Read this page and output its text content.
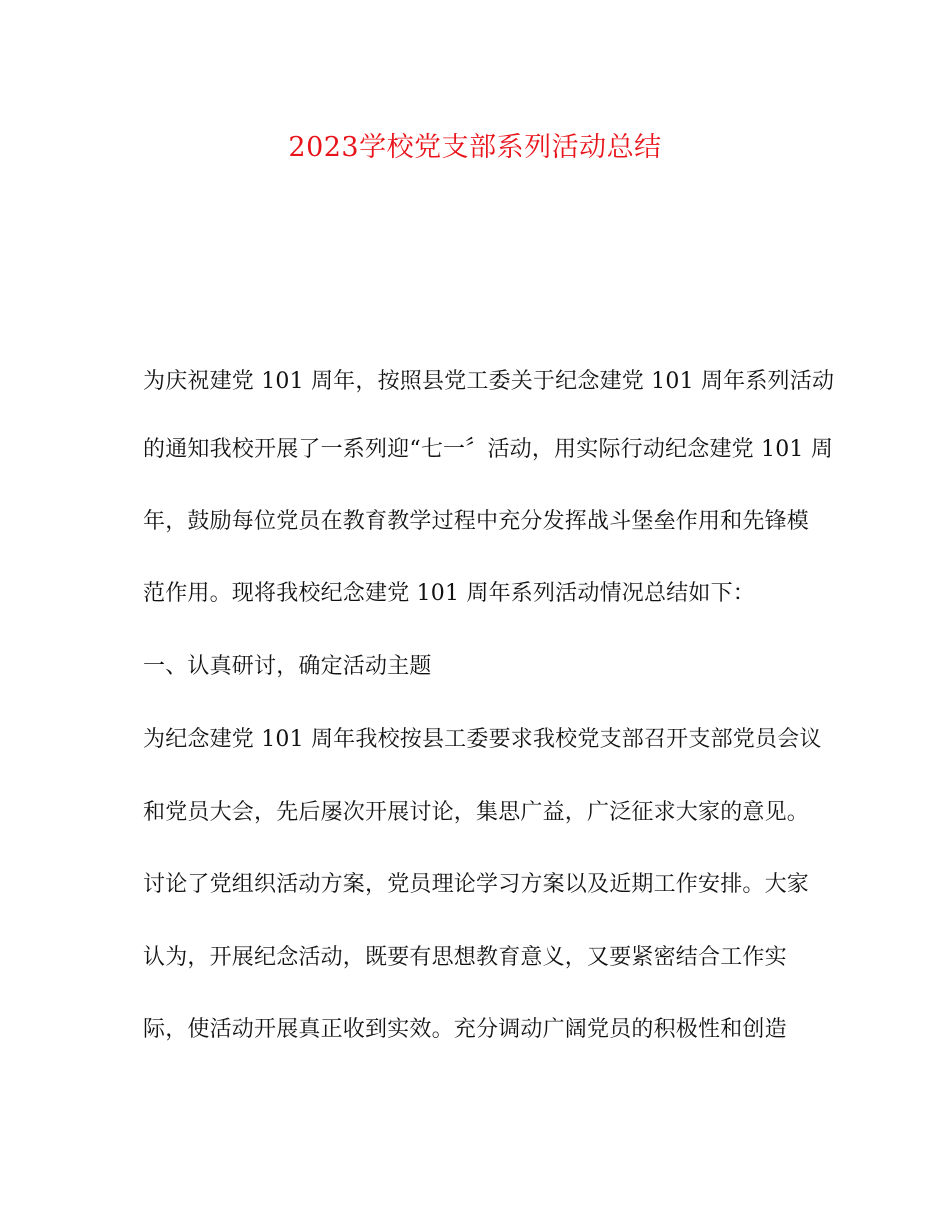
2023学校党支部系列活动总结
为庆祝建党 101 周年，按照县党工委关于纪念建党 101 周年系列活动
的通知我校开展了一系列迎“七一〞活动，用实际行动纪念建党 101 周
年，鼓励每位党员在教育教学过程中充分发挥战斗堡垒作用和先锋模
范作用。现将我校纪念建党 101 周年系列活动情况总结如下：
一、认真研讨，确定活动主题
为纪念建党 101 周年我校按县工委要求我校党支部召开支部党员会议
和党员大会，先后屡次开展讨论，集思广益，广泛征求大家的意见。
讨论了党组织活动方案，党员理论学习方案以及近期工作安排。大家
认为，开展纪念活动，既要有思想教育意义，又要紧密结合工作实
际，使活动开展真正收到实效。充分调动广阔党员的积极性和创造
